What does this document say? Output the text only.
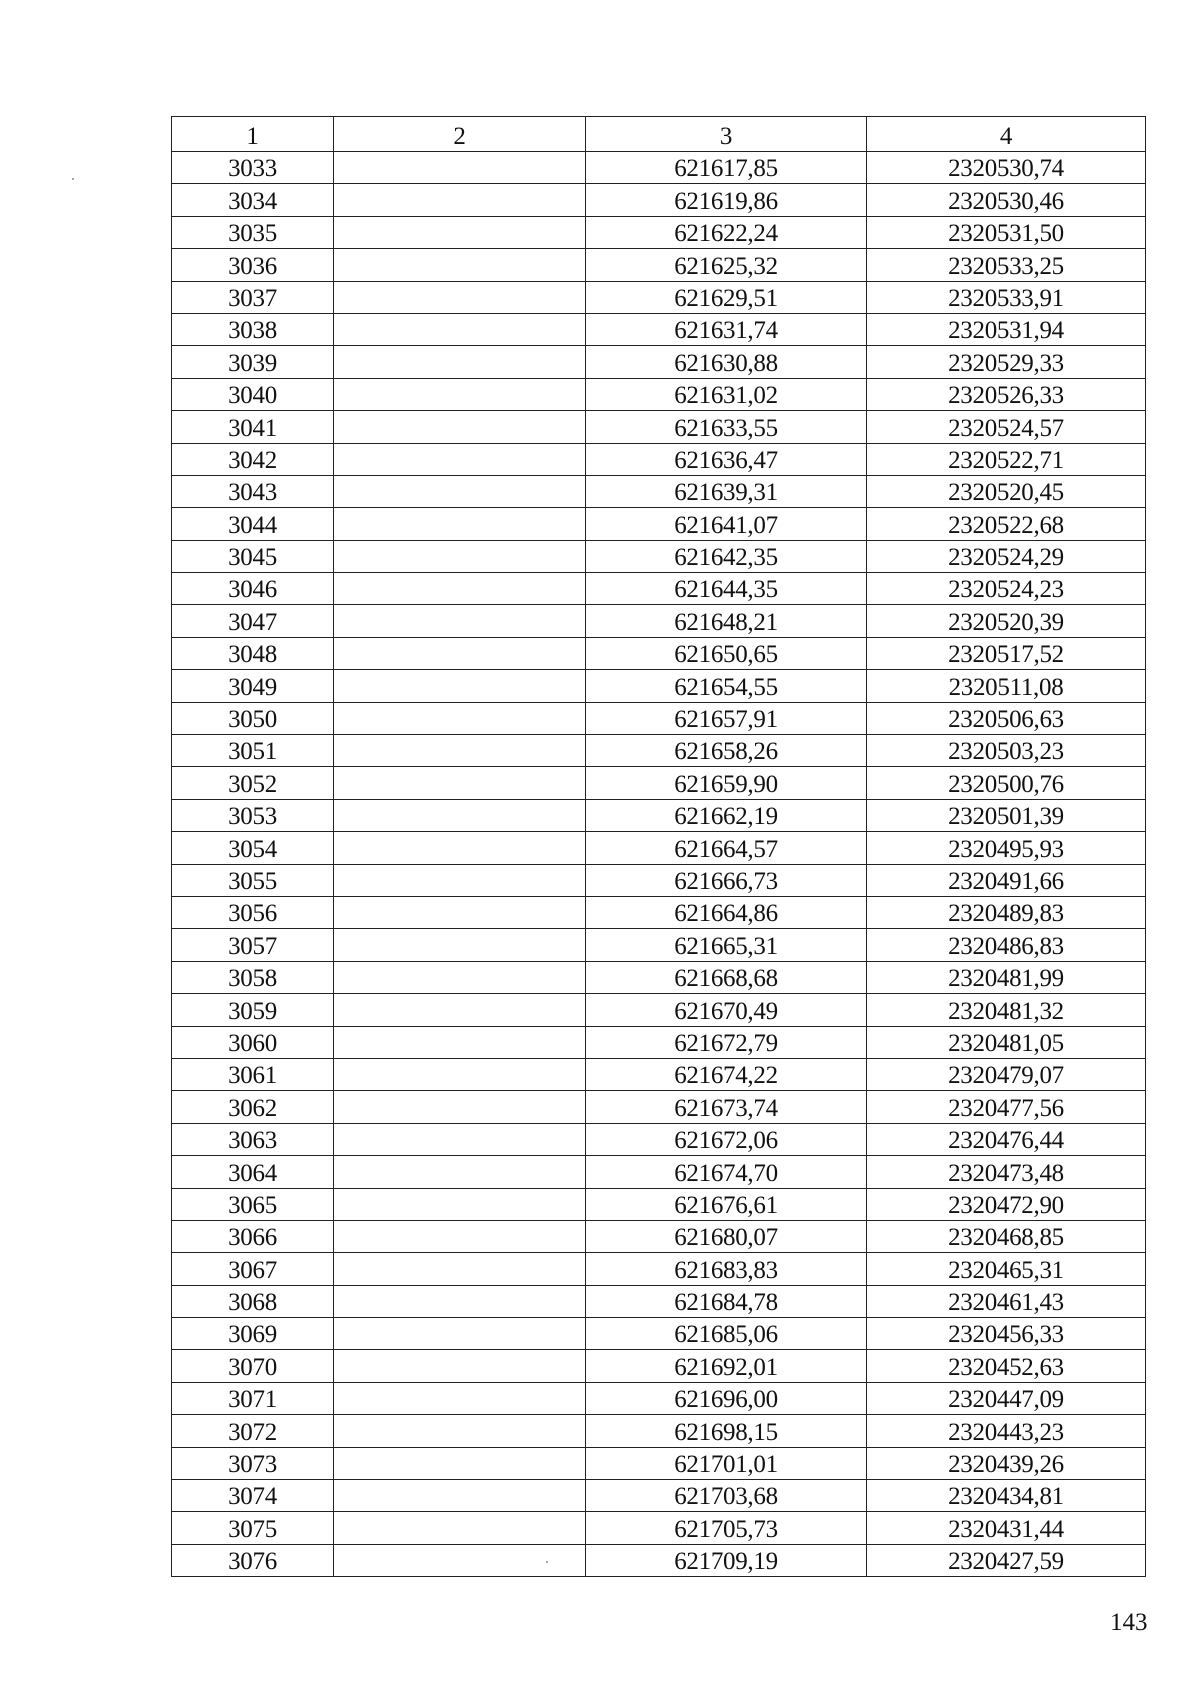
1	2	3	4
3033		621617,85	2320530,74
3034		621619,86	2320530,46
3035		621622,24	2320531,50
3036		621625,32	2320533,25
3037		621629,51	2320533,91
3038		621631,74	2320531,94
3039		621630,88	2320529,33
3040		621631,02	2320526,33
3041		621633,55	2320524,57
3042		621636,47	2320522,71
3043		621639,31	2320520,45
3044		621641,07	2320522,68
3045		621642,35	2320524,29
3046		621644,35	2320524,23
3047		621648,21	2320520,39
3048		621650,65	2320517,52
3049		621654,55	2320511,08
3050		621657,91	2320506,63
3051		621658,26	2320503,23
3052		621659,90	2320500,76
3053		621662,19	2320501,39
3054		621664,57	2320495,93
3055		621666,73	2320491,66
3056		621664,86	2320489,83
3057		621665,31	2320486,83
3058		621668,68	2320481,99
3059		621670,49	2320481,32
3060		621672,79	2320481,05
3061		621674,22	2320479,07
3062		621673,74	2320477,56
3063		621672,06	2320476,44
3064		621674,70	2320473,48
3065		621676,61	2320472,90
3066		621680,07	2320468,85
3067		621683,83	2320465,31
3068		621684,78	2320461,43
3069		621685,06	2320456,33
3070		621692,01	2320452,63
3071		621696,00	2320447,09
3072		621698,15	2320443,23
3073		621701,01	2320439,26
3074		621703,68	2320434,81
3075		621705,73	2320431,44
3076		621709,19	2320427,59
143
